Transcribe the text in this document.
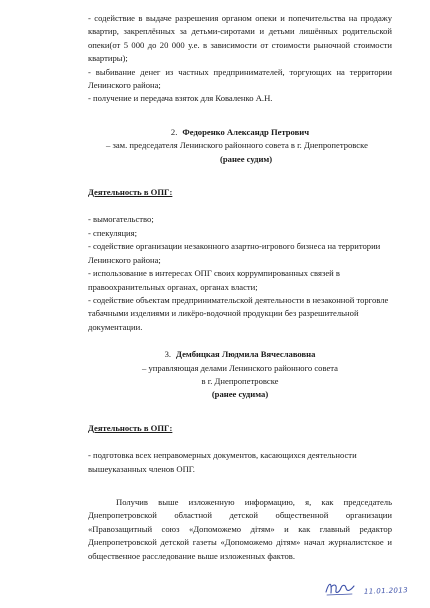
- содействие в выдаче разрешения органом опеки и попечительства на продажу квартир, закреплённых за детьми-сиротами и детьми лишённых родительской опеки(от 5 000 до 20 000 у.е. в зависимости от стоимости рыночной стоимости квартиры);
- выбивание денег из частных предпринимателей, торгующих на территории Ленинского района;
- получение и передача взяток для Коваленко А.Н.
2. Федоренко Александр Петрович
– зам. председателя Ленинского районного совета в г. Днепропетровске
(ранее судим)
Деятельность в ОПГ:
- вымогательство;
- спекуляция;
- содействие организации незаконного азартно-игрового бизнеса на территории Ленинского района;
- использование в интересах ОПГ своих коррумпированных связей в правоохранительных органах, органах власти;
- содействие объектам предпринимательской деятельности в незаконной торговле табачными изделиями и ликёро-водочной продукции без разрешительной документации.
3. Дембицкая Людмила Вячеславовна
– управляющая делами Ленинского районного совета
в г. Днепропетровске
(ранее судима)
Деятельность в ОПГ:
- подготовка всех неправомерных документов, касающихся деятельности вышеуказанных членов ОПГ.

Получив выше изложенную информацию, я, как председатель Днепропетровской областной детской общественной организации «Правозащитный союз «Допоможемо дітям» и как главный редактор Днепропетровской детской газеты «Допоможемо дітям» начал журналистское и общественное расследование выше изложенных фактов.

11.01.2013
